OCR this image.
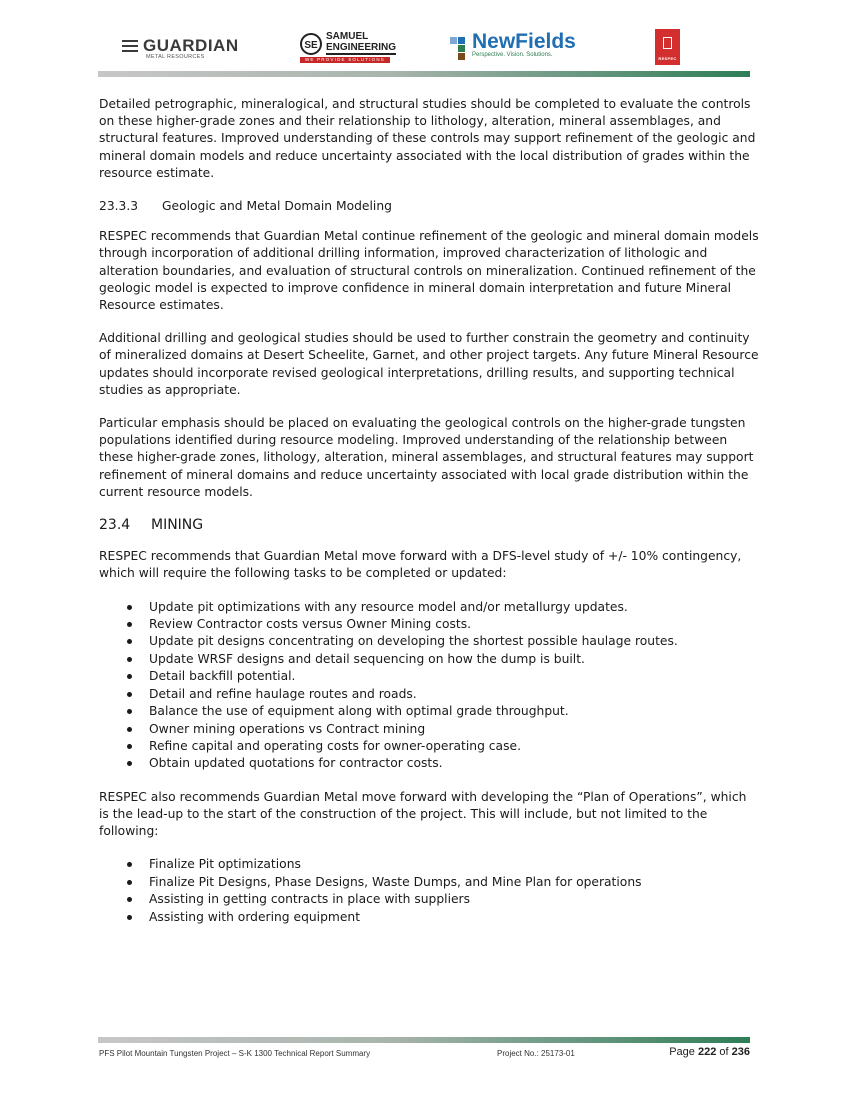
GUARDIAN
METAL RESOURCES
SE
SAMUEL
ENGINEERING
WE PROVIDE SOLUTIONS
NewFields
Perspective. Vision. Solutions.
RESPEC

Detailed petrographic, mineralogical, and structural studies should be completed to evaluate the controls on these higher-grade zones and their relationship to lithology, alteration, mineral assemblages, and structural features. Improved understanding of these controls may support refinement of the geologic and mineral domain models and reduce uncertainty associated with the local distribution of grades within the resource estimate.

23.3.3 Geologic and Metal Domain Modeling

RESPEC recommends that Guardian Metal continue refinement of the geologic and mineral domain models through incorporation of additional drilling information, improved characterization of lithologic and alteration boundaries, and evaluation of structural controls on mineralization. Continued refinement of the geologic model is expected to improve confidence in mineral domain interpretation and future Mineral Resource estimates.

Additional drilling and geological studies should be used to further constrain the geometry and continuity of mineralized domains at Desert Scheelite, Garnet, and other project targets. Any future Mineral Resource updates should incorporate revised geological interpretations, drilling results, and supporting technical studies as appropriate.

Particular emphasis should be placed on evaluating the geological controls on the higher-grade tungsten populations identified during resource modeling. Improved understanding of the relationship between these higher-grade zones, lithology, alteration, mineral assemblages, and structural features may support refinement of mineral domains and reduce uncertainty associated with local grade distribution within the current resource models.

23.4 MINING

RESPEC recommends that Guardian Metal move forward with a DFS-level study of +/- 10% contingency, which will require the following tasks to be completed or updated:

Update pit optimizations with any resource model and/or metallurgy updates.
Review Contractor costs versus Owner Mining costs.
Update pit designs concentrating on developing the shortest possible haulage routes.
Update WRSF designs and detail sequencing on how the dump is built.
Detail backfill potential.
Detail and refine haulage routes and roads.
Balance the use of equipment along with optimal grade throughput.
Owner mining operations vs Contract mining
Refine capital and operating costs for owner-operating case.
Obtain updated quotations for contractor costs.

RESPEC also recommends Guardian Metal move forward with developing the “Plan of Operations”, which is the lead-up to the start of the construction of the project. This will include, but not limited to the following:

Finalize Pit optimizations
Finalize Pit Designs, Phase Designs, Waste Dumps, and Mine Plan for operations
Assisting in getting contracts in place with suppliers
Assisting with ordering equipment
PFS Pilot Mountain Tungsten Project – S-K 1300 Technical Report Summary	Project No.: 25173-01	Page 222 of 236
